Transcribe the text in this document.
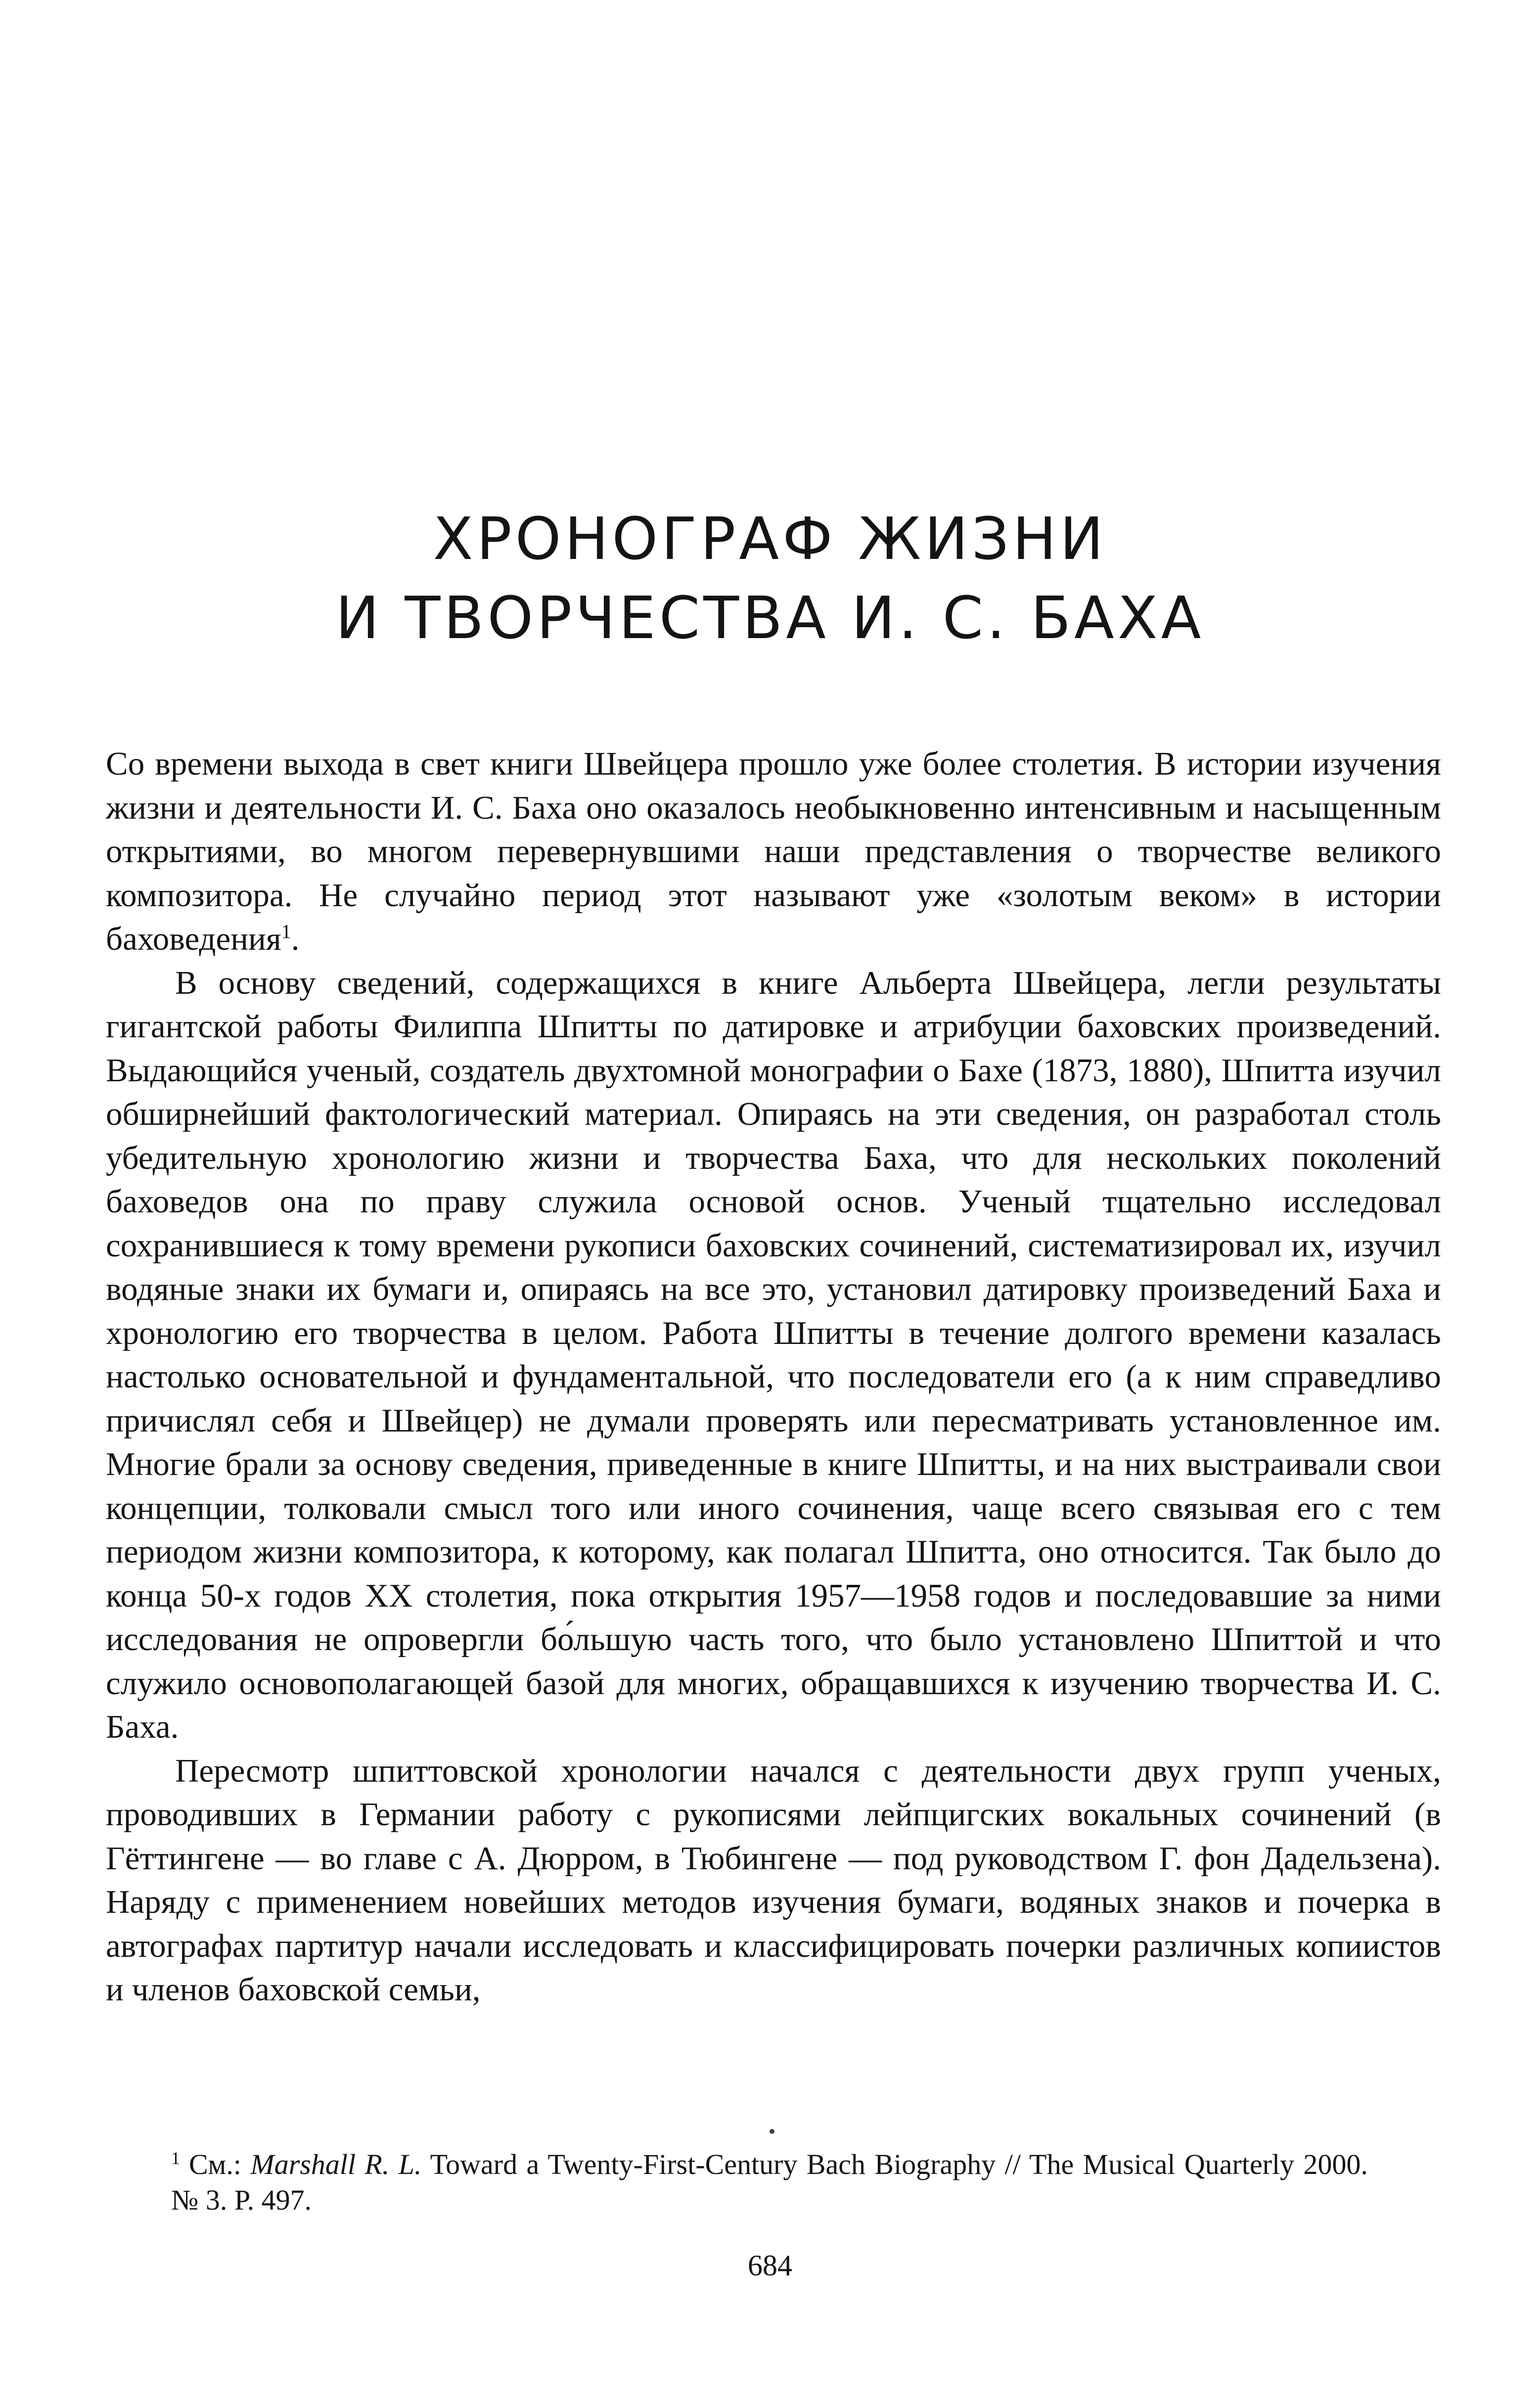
ХРОНОГРАФ ЖИЗНИ
И ТВОРЧЕСТВА И. С. БАХА

Со времени выхода в свет книги Швейцера прошло уже более столетия. В истории изучения жизни и деятельности И. С. Баха оно оказалось необыкновенно интенсивным и насыщенным открытиями, во многом перевернувшими наши представления о творчестве великого композитора. Не случайно период этот называют уже «золотым веком» в истории баховедения$^1$.

В основу сведений, содержащихся в книге Альберта Швейцера, легли результаты гигантской работы Филиппа Шпитты по датировке и атрибуции баховских произведений. Выдающийся ученый, создатель двухтомной монографии о Бахе (1873, 1880), Шпитта изучил обширнейший фактологический материал. Опираясь на эти сведения, он разработал столь убедительную хронологию жизни и творчества Баха, что для нескольких поколений баховедов она по праву служила основой основ. Ученый тщательно исследовал сохранившиеся к тому времени рукописи баховских сочинений, систематизировал их, изучил водяные знаки их бумаги и, опираясь на все это, установил датировку произведений Баха и хронологию его творчества в целом. Работа Шпитты в течение долгого времени казалась настолько основательной и фундаментальной, что последователи его (а к ним справедливо причислял себя и Швейцер) не думали проверять или пересматривать установленное им. Многие брали за основу сведения, приведенные в книге Шпитты, и на них выстраивали свои концепции, толковали смысл того или иного сочинения, чаще всего связывая его с тем периодом жизни композитора, к которому, как полагал Шпитта, оно относится. Так было до конца 50-х годов XX столетия, пока открытия 1957—1958 годов и последовавшие за ними исследования не опровергли бо́льшую часть того, что было установлено Шпиттой и что служило основополагающей базой для многих, обращавшихся к изучению творчества И. С. Баха.

Пересмотр шпиттовской хронологии начался с деятельности двух групп ученых, проводивших в Германии работу с рукописями лейпцигских вокальных сочинений (в Гёттингене — во главе с А. Дюрром, в Тюбингене — под руководством Г. фон Дадельзена). Наряду с применением новейших методов изучения бумаги, водяных знаков и почерка в автографах партитур начали исследовать и классифицировать почерки различных копиистов и членов баховской семьи,

$^1$ См.: Marshall R. L. Toward a Twenty-First-Century Bach Biography // The Musical Quarterly 2000. № 3. P. 497.
684
